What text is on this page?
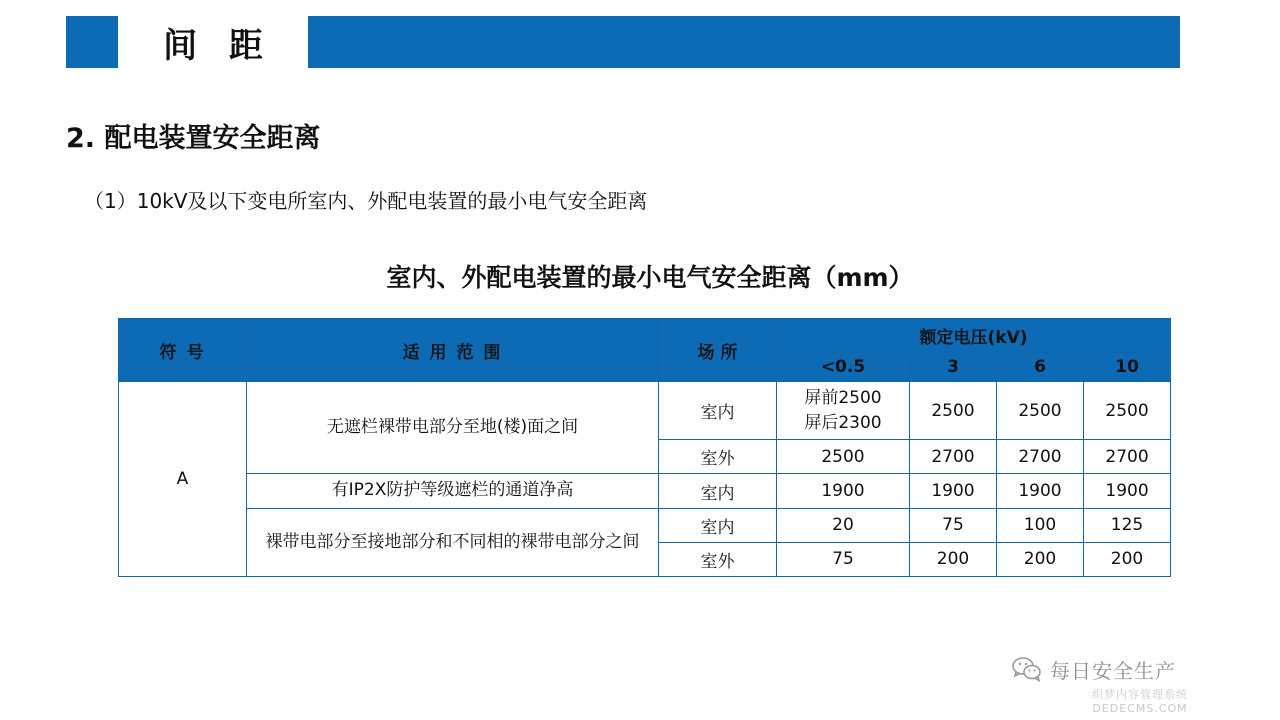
间 距
2. 配电装置安全距离
（1）10kV及以下变电所室内、外配电装置的最小电气安全距离
室内、外配电装置的最小电气安全距离（mm）
符 号	适 用 范 围	场 所	额定电压(kV)			
			<0.5	3	6	10
A	无遮栏裸带电部分至地(楼)面之间	室内	屏前2500
屏后2300	2500	2500	2500
		室外	2500	2700	2700	2700
	有IP2X防护等级遮栏的通道净高	室内	1900	1900	1900	1900
	裸带电部分至接地部分和不同相的裸带电部分之间	室内	20	75	100	125
		室外	75	200	200	200
每日安全生产
织梦内容管理系统
DEDECMS.COM
